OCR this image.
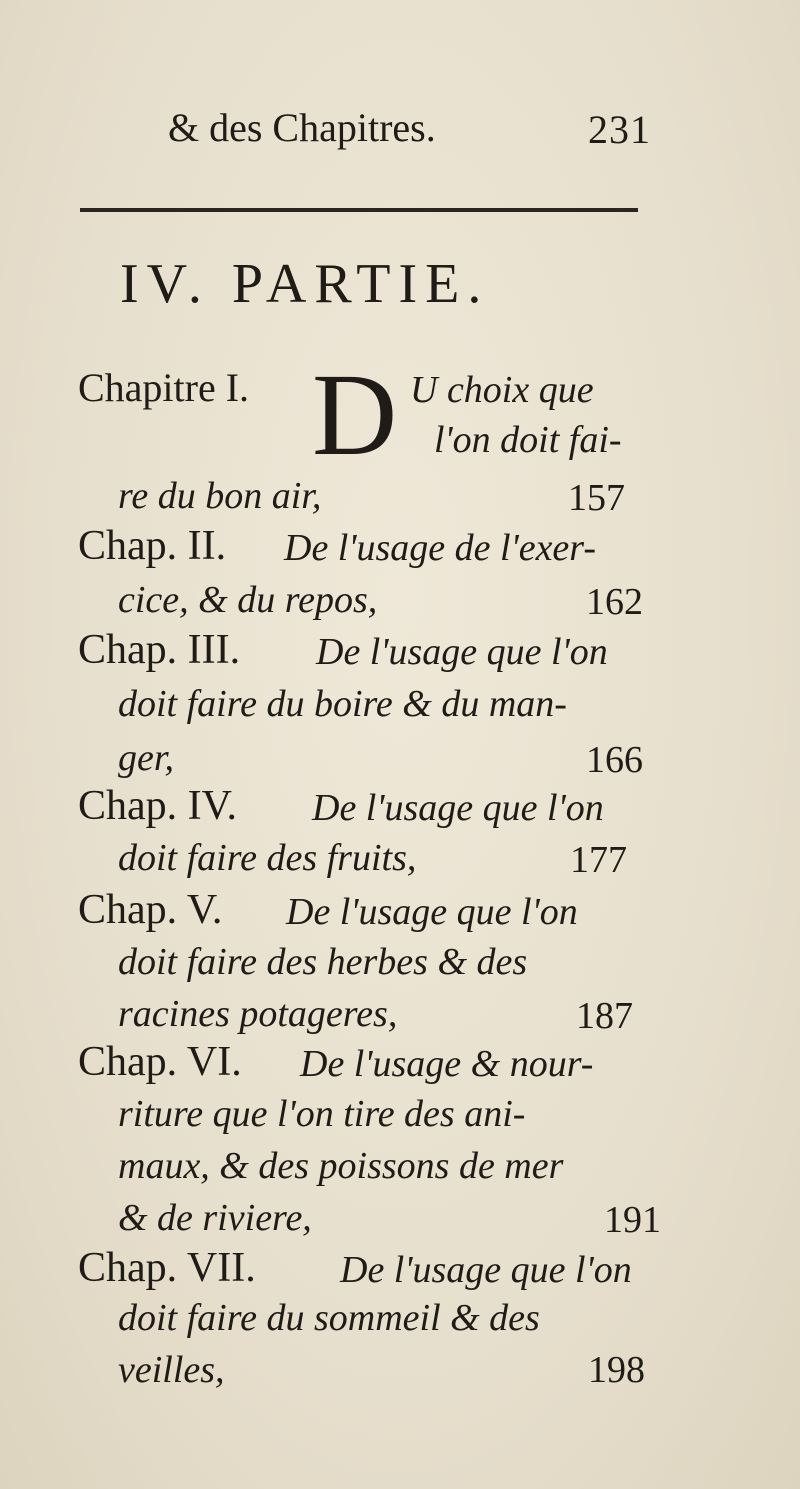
& des Chapitres.	231
IV. PARTIE.
Chapitre I. D U choix que
l'on doit fai-
re du bon air,	157
Chap. II. De l'usage de l'exer-
cice, & du repos,	162
Chap. III. De l'usage que l'on
doit faire du boire & du man-
ger,	166
Chap. IV. De l'usage que l'on
doit faire des fruits,	177
Chap. V. De l'usage que l'on
doit faire des herbes & des
racines potageres,	187
Chap. VI. De l'usage & nour-
riture que l'on tire des ani-
maux, & des poissons de mer
& de riviere,	191
Chap. VII. De l'usage que l'on
doit faire du sommeil & des
veilles,	198
